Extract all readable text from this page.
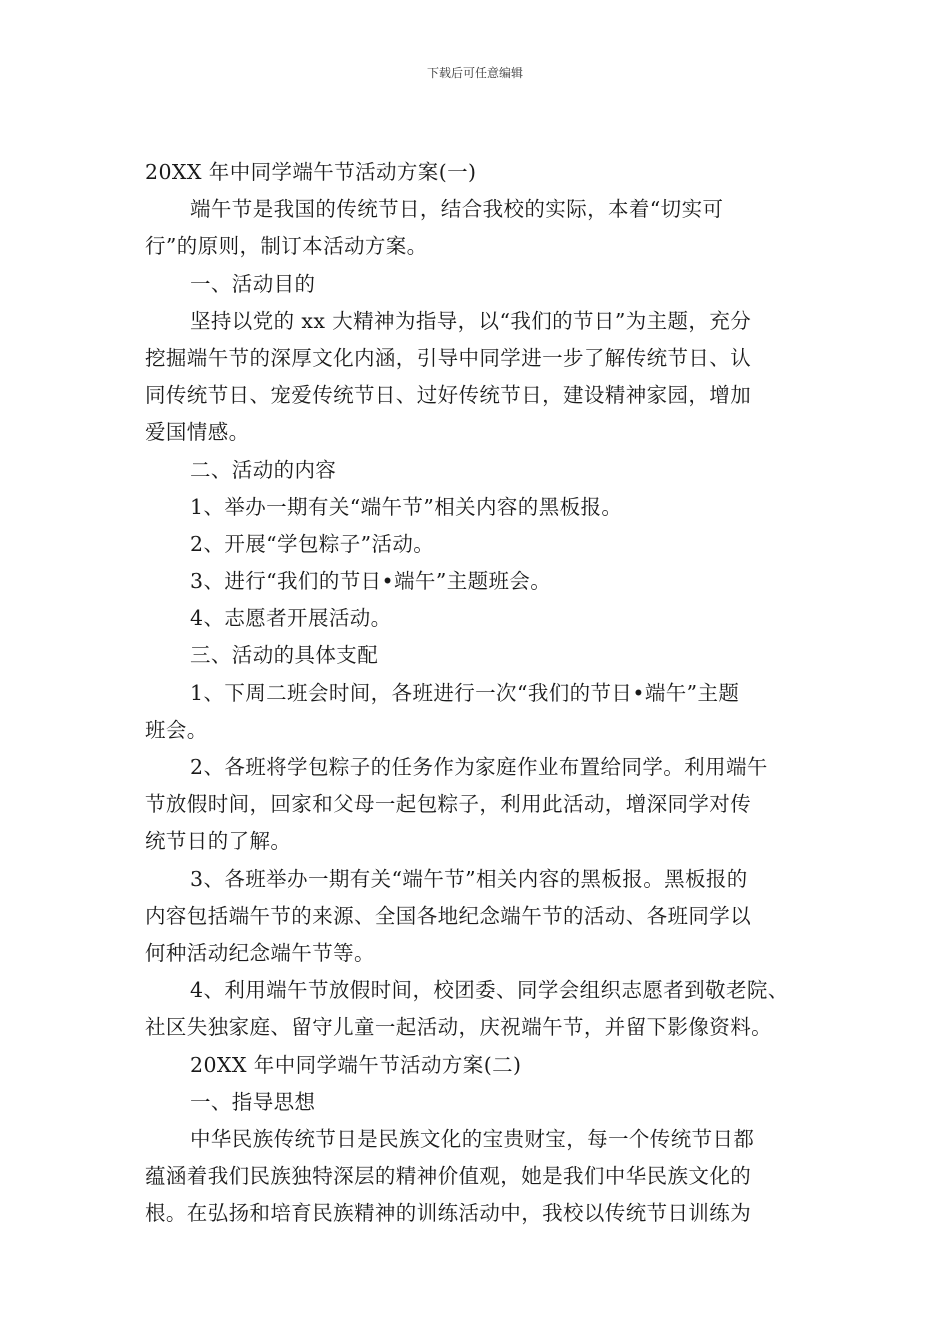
下载后可任意编辑
20XX 年中同学端午节活动方案(一)
端午节是我国的传统节日，结合我校的实际，本着“切实可
行”的原则，制订本活动方案。
一、活动目的
坚持以党的 xx 大精神为指导，以“我们的节日”为主题，充分
挖掘端午节的深厚文化内涵，引导中同学进一步了解传统节日、认
同传统节日、宠爱传统节日、过好传统节日，建设精神家园，增加
爱国情感。
二、活动的内容
1、举办一期有关“端午节”相关内容的黑板报。
2、开展“学包粽子”活动。
3、进行“我们的节日•端午”主题班会。
4、志愿者开展活动。
三、活动的具体支配
1、下周二班会时间，各班进行一次“我们的节日•端午”主题
班会。
2、各班将学包粽子的任务作为家庭作业布置给同学。利用端午
节放假时间，回家和父母一起包粽子，利用此活动，增深同学对传
统节日的了解。
3、各班举办一期有关“端午节”相关内容的黑板报。黑板报的
内容包括端午节的来源、全国各地纪念端午节的活动、各班同学以
何种活动纪念端午节等。
4、利用端午节放假时间，校团委、同学会组织志愿者到敬老院、
社区失独家庭、留守儿童一起活动，庆祝端午节，并留下影像资料。
20XX 年中同学端午节活动方案(二)
一、指导思想
中华民族传统节日是民族文化的宝贵财宝，每一个传统节日都
蕴涵着我们民族独特深层的精神价值观，她是我们中华民族文化的
根。在弘扬和培育民族精神的训练活动中，我校以传统节日训练为
